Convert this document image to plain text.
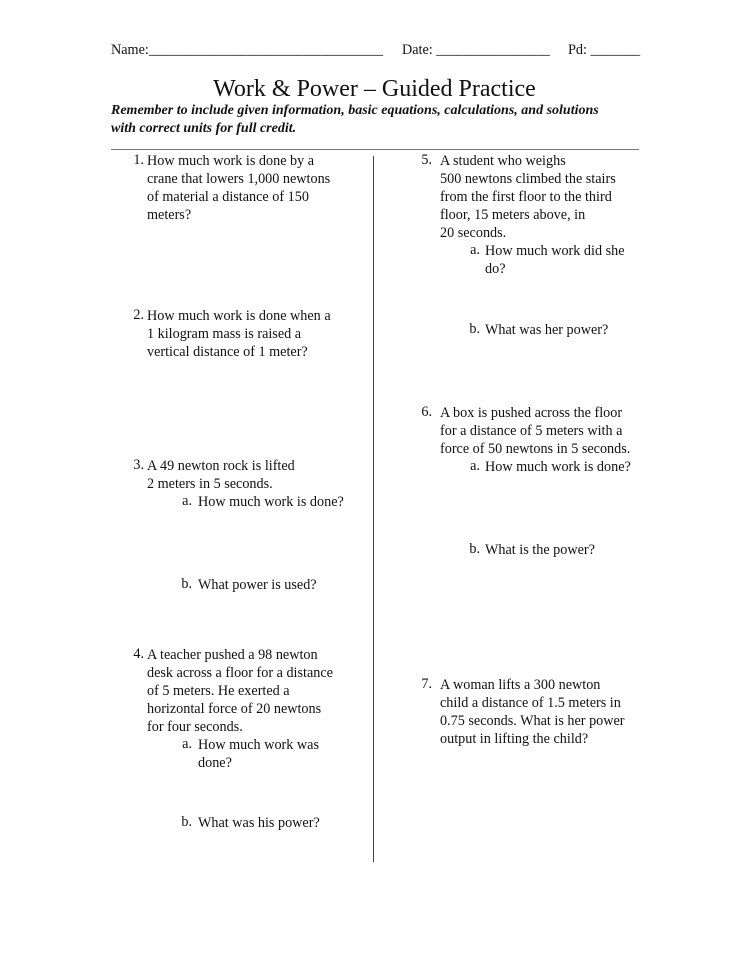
Name:_________________________________ Date: ________________ Pd: _______
Work & Power – Guided Practice
Remember to include given information, basic equations, calculations, and solutions
with correct units for full credit.
1. How much work is done by a
crane that lowers 1,000 newtons
of material a distance of 150
meters?
2. How much work is done when a
1 kilogram mass is raised a
vertical distance of 1 meter?
3. A 49 newton rock is lifted
2 meters in 5 seconds.
a. How much work is done?
b. What power is used?
4. A teacher pushed a 98 newton
desk across a floor for a distance
of 5 meters. He exerted a
horizontal force of 20 newtons
for four seconds.
a. How much work was
done?
b. What was his power?
5. A student who weighs
500 newtons climbed the stairs
from the first floor to the third
floor, 15 meters above, in
20 seconds.
a. How much work did she
do?
b. What was her power?
6. A box is pushed across the floor
for a distance of 5 meters with a
force of 50 newtons in 5 seconds.
a. How much work is done?
b. What is the power?
7. A woman lifts a 300 newton
child a distance of 1.5 meters in
0.75 seconds. What is her power
output in lifting the child?
